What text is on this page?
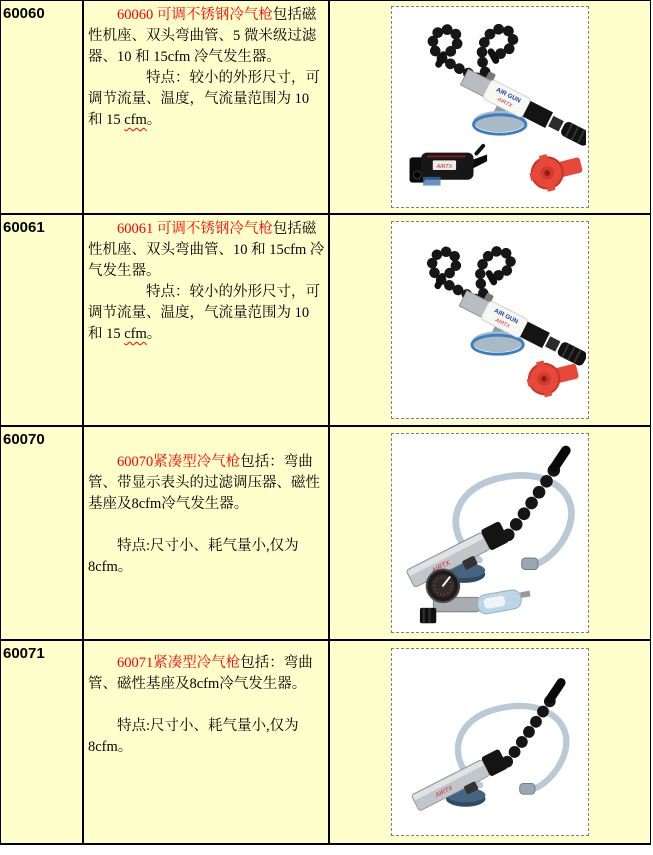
60060	60060 可调不锈钢冷气枪包括磁性机座、双头弯曲管、5 微米级过滤器、10 和 15cfm 冷气发生器。

特点：较小的外形尺寸，可调节流量、温度，气流量范围为 10 和 15 cfm。

60061	60061 可调不锈钢冷气枪包括磁性机座、双头弯曲管、10 和 15cfm 冷气发生器。

特点：较小的外形尺寸，可调节流量、温度，气流量范围为 10 和 15 cfm。

60070

60070紧凑型冷气枪包括：弯曲管、带显示表头的过滤调压器、磁性基座及8cfm冷气发生器。

特点:尺寸小、耗气量小,仅为8cfm。

60071

60071紧凑型冷气枪包括：弯曲管、磁性基座及8cfm冷气发生器。

特点:尺寸小、耗气量小,仅为8cfm。
